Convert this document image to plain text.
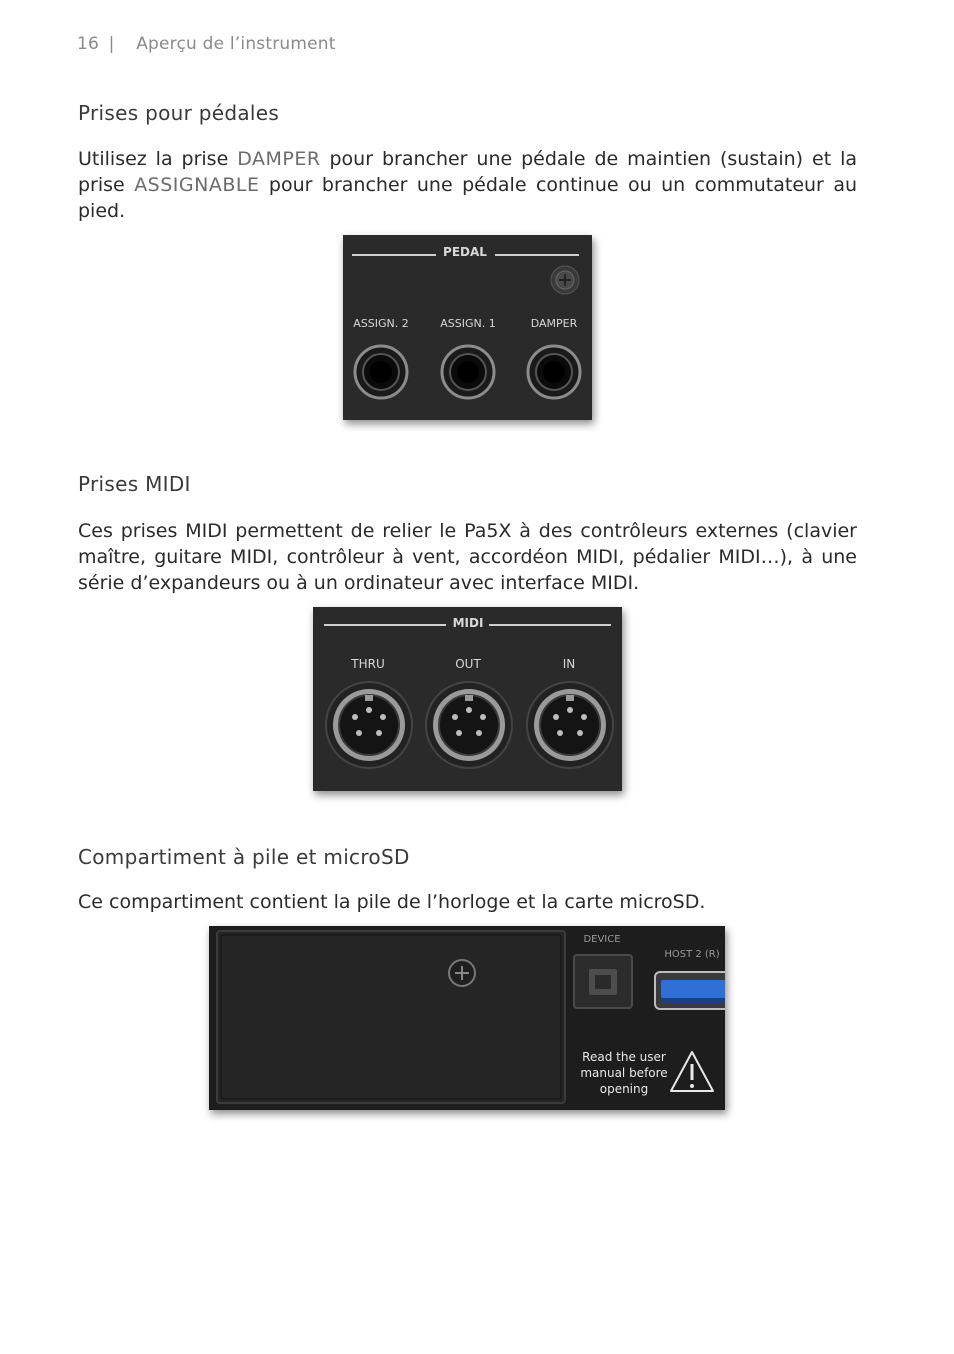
16 | Aperçu de l’instrument
Prises pour pédales

Utilisez la prise DAMPER pour brancher une pédale de maintien (sustain) et la prise ASSIGNABLE pour brancher une pédale continue ou un commutateur au pied.

PEDAL
ASSIGN. 2	ASSIGN. 1	DAMPER
Prises MIDI

Ces prises MIDI permettent de relier le Pa5X à des contrôleurs externes (clavier maître, guitare MIDI, contrôleur à vent, accordéon MIDI, pédalier MIDI…), à une série d’expandeurs ou à un ordinateur avec interface MIDI.

MIDI
THRU	OUT	IN
Compartiment à pile et microSD

Ce compartiment contient la pile de l’horloge et la carte microSD.

DEVICE
HOST 2 (R)
Read the user
manual before
opening
